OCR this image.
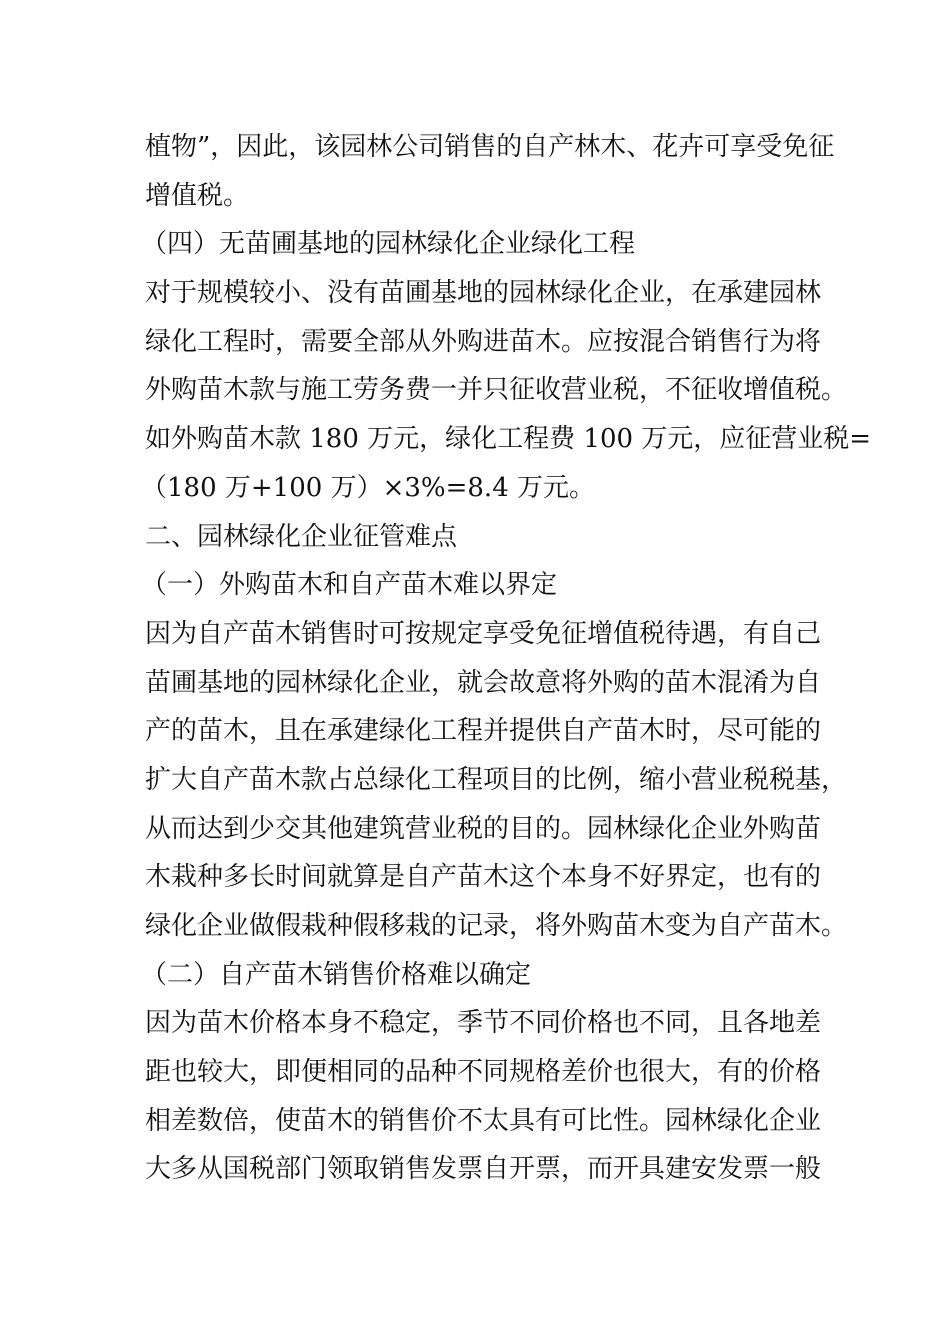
植物”，因此，该园林公司销售的自产林木、花卉可享受免征
增值税。
（四）无苗圃基地的园林绿化企业绿化工程
对于规模较小、没有苗圃基地的园林绿化企业，在承建园林
绿化工程时，需要全部从外购进苗木。应按混合销售行为将
外购苗木款与施工劳务费一并只征收营业税，不征收增值税。
如外购苗木款 180 万元，绿化工程费 100 万元，应征营业税=
（180 万+100 万）×3%=8.4 万元。
二、园林绿化企业征管难点
（一）外购苗木和自产苗木难以界定
因为自产苗木销售时可按规定享受免征增值税待遇，有自己
苗圃基地的园林绿化企业，就会故意将外购的苗木混淆为自
产的苗木，且在承建绿化工程并提供自产苗木时，尽可能的
扩大自产苗木款占总绿化工程项目的比例，缩小营业税税基，
从而达到少交其他建筑营业税的目的。园林绿化企业外购苗
木栽种多长时间就算是自产苗木这个本身不好界定，也有的
绿化企业做假栽种假移栽的记录，将外购苗木变为自产苗木。
（二）自产苗木销售价格难以确定
因为苗木价格本身不稳定，季节不同价格也不同，且各地差
距也较大，即便相同的品种不同规格差价也很大，有的价格
相差数倍，使苗木的销售价不太具有可比性。园林绿化企业
大多从国税部门领取销售发票自开票，而开具建安发票一般
